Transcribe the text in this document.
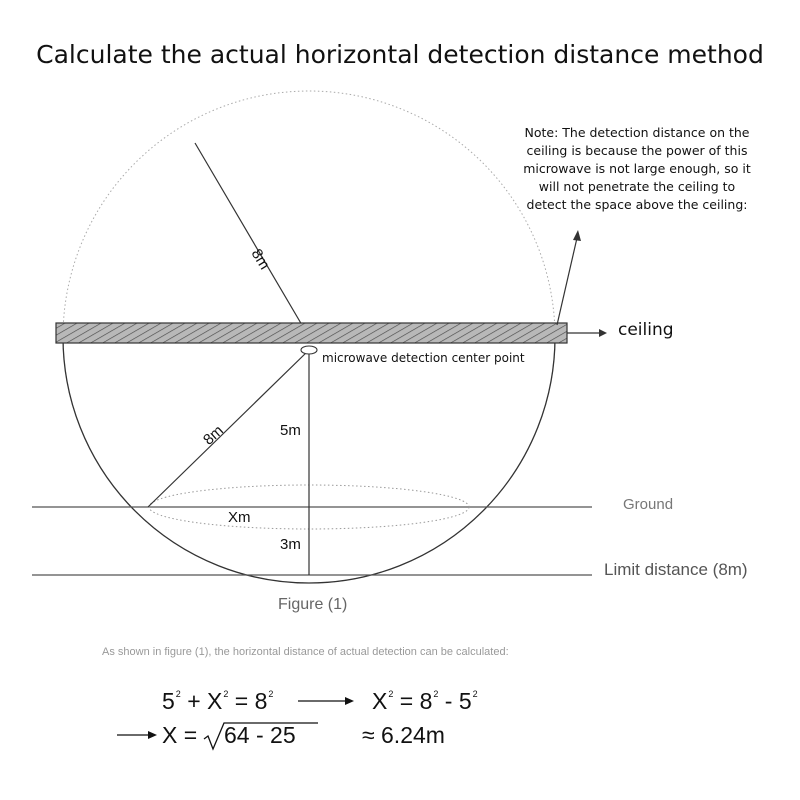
Calculate the actual horizontal detection distance method
Note: The detection distance on the
ceiling is because the power of this
microwave is not large enough, so it
will not penetrate the ceiling to
detect the space above the ceiling:
ceiling
microwave detection center point
Ground
Limit distance (8m)
8m
8m	5m
Xm
3m
Figure (1)
As shown in figure (1), the horizontal distance of actual detection can be calculated:
$5^2 + X^2 = 8^2$	$X^2 = 8^2 - 5^2$
X = 64 - 25	≈ 6.24m
